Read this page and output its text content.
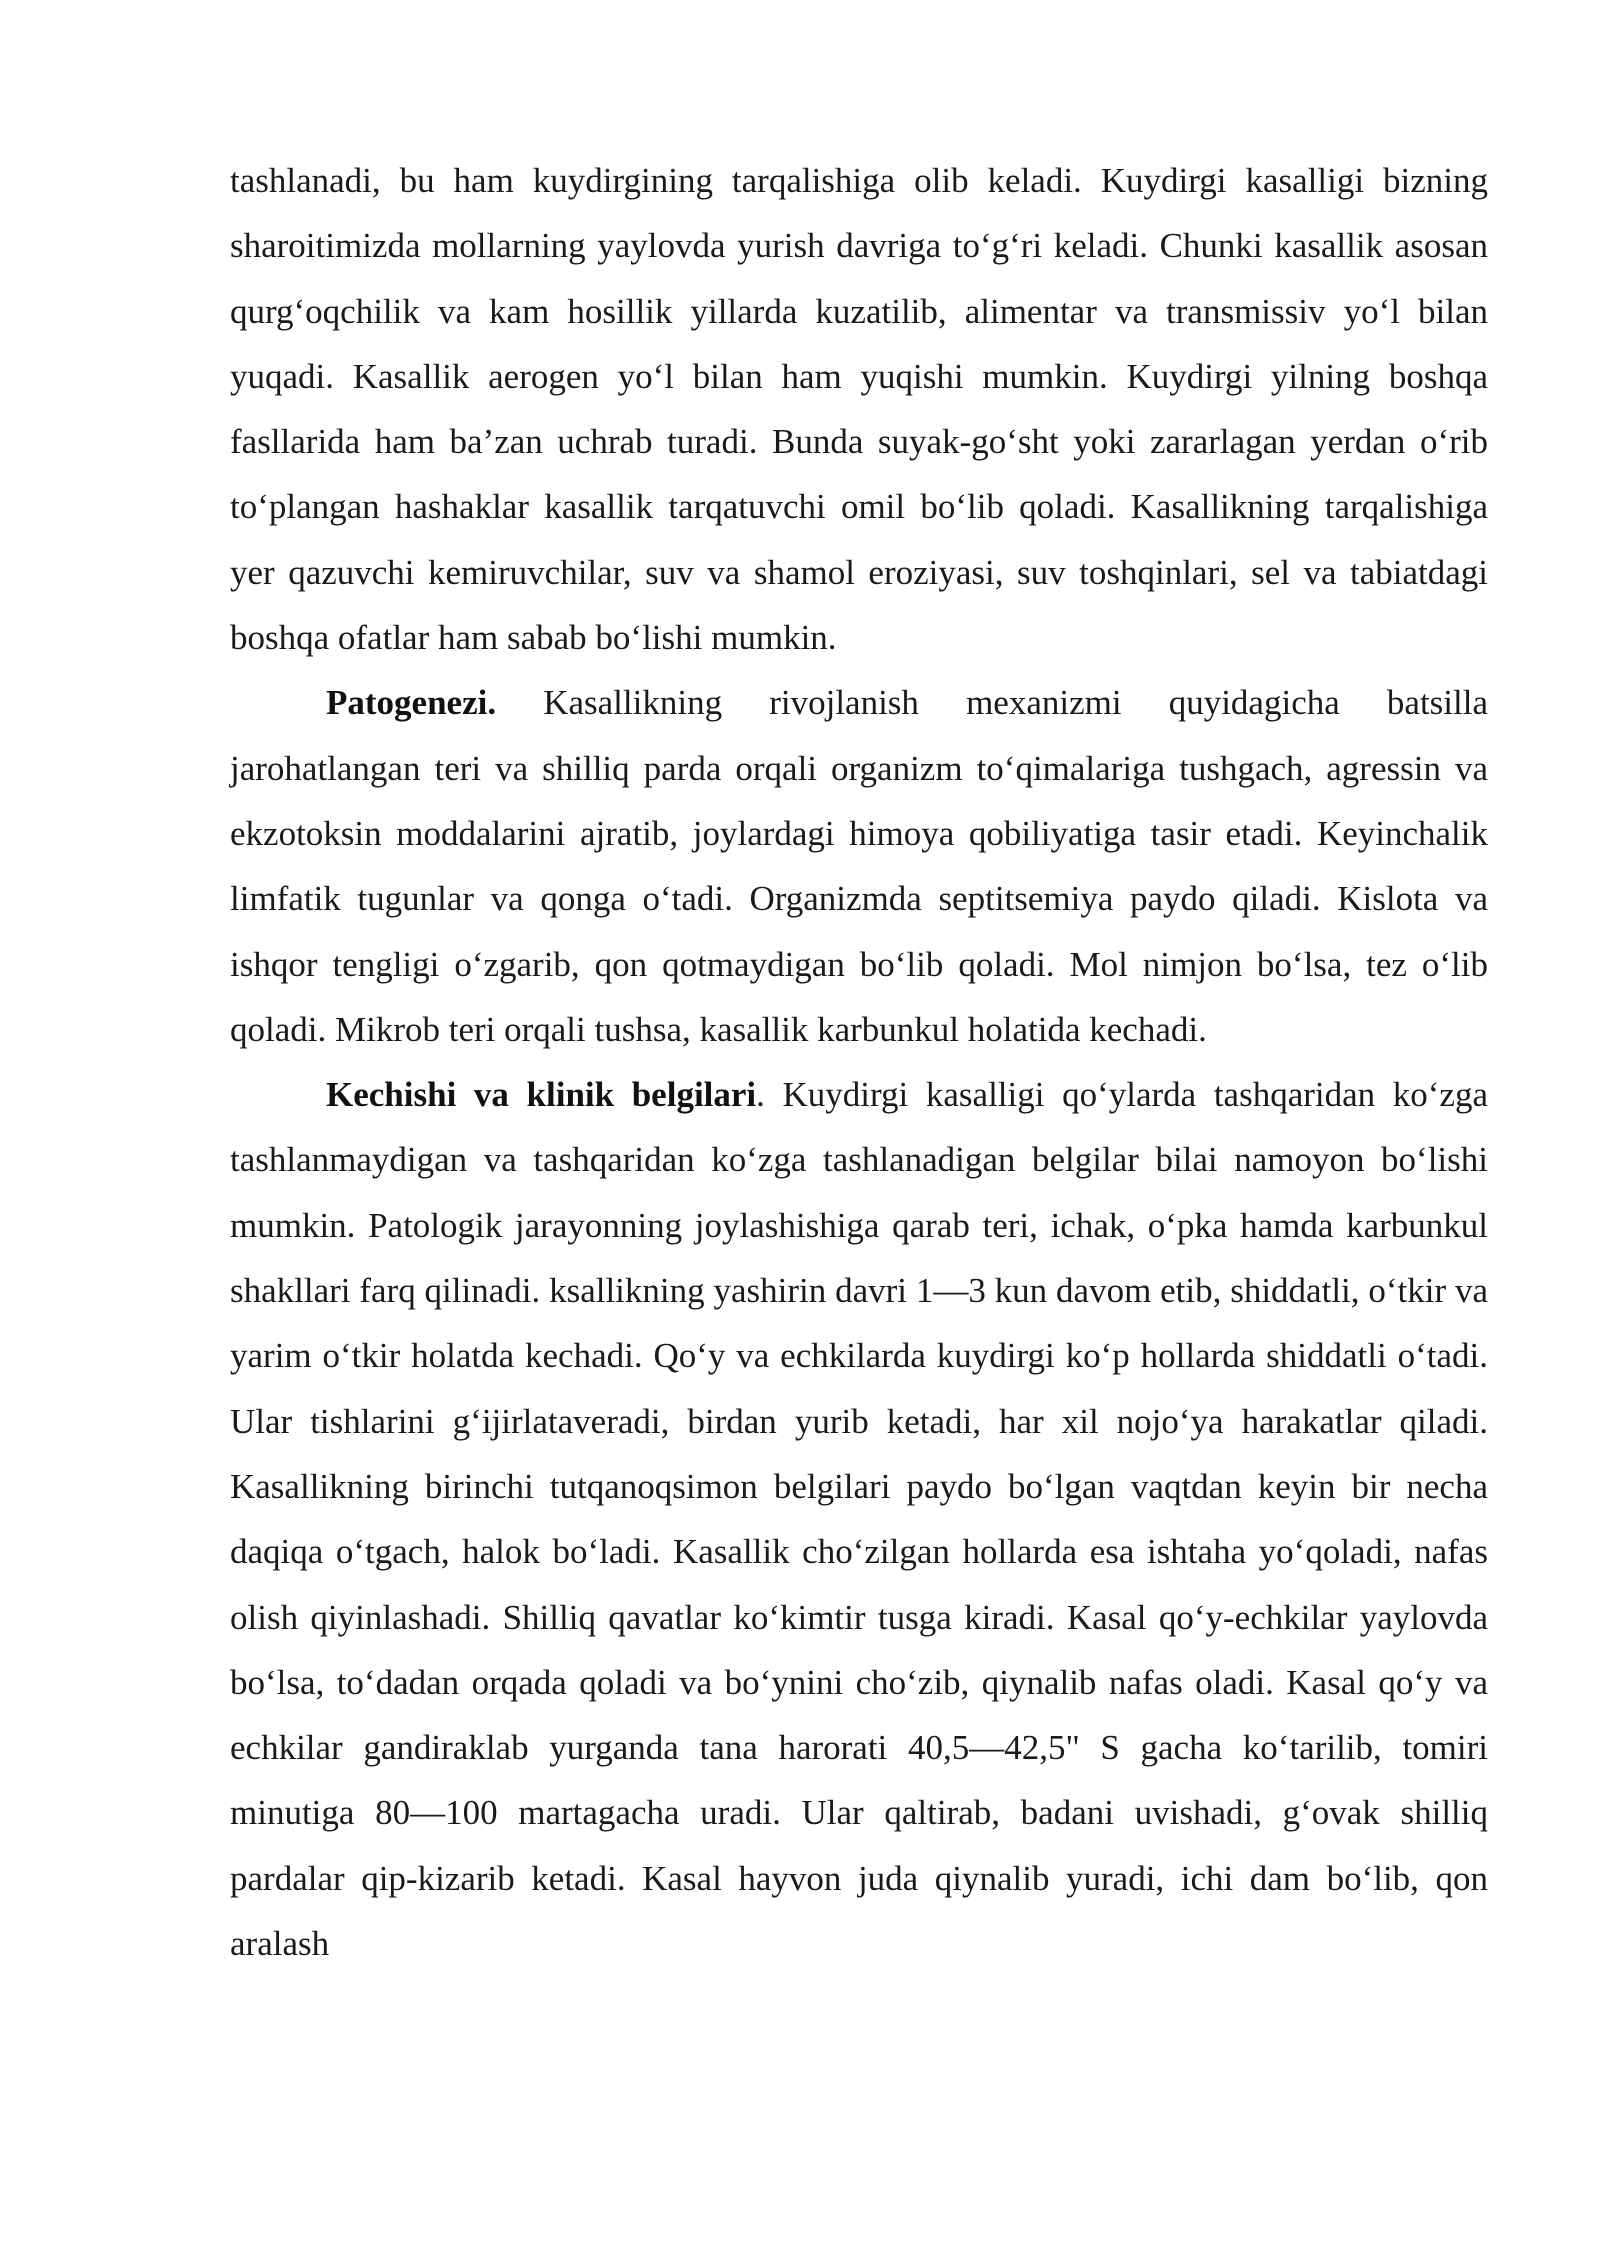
tashlanadi, bu ham kuydirgining tarqalishiga olib keladi. Kuydirgi kasalligi bizning sharoitimizda mollarning yaylovda yurish davriga to‘g‘ri keladi. Chunki kasallik asosan qurg‘oqchilik va kam hosillik yillarda kuzatilib, alimentar va transmissiv yo‘l bilan yuqadi. Kasallik aerogen yo‘l bilan ham yuqishi mumkin. Kuydirgi yilning boshqa fasllarida ham ba’zan uchrab turadi. Bunda suyak-go‘sht yoki zararlagan yerdan o‘rib to‘plangan hashaklar kasallik tarqatuvchi omil bo‘lib qoladi. Kasallikning tarqalishiga yer qazuvchi kemiruvchilar, suv va shamol eroziyasi, suv toshqinlari, sel va tabiatdagi boshqa ofatlar ham sabab bo‘lishi mumkin.

Patogenezi. Kasallikning rivojlanish mexanizmi quyidagicha batsilla jarohatlangan teri va shilliq parda orqali organizm to‘qimalariga tushgach, agressin va ekzotoksin moddalarini ajratib, joylardagi himoya qobiliyatiga tasir etadi. Keyinchalik limfatik tugunlar va qonga o‘tadi. Organizmda septitsemiya paydo qiladi. Kislota va ishqor tengligi o‘zgarib, qon qotmaydigan bo‘lib qoladi. Mol nimjon bo‘lsa, tez o‘lib qoladi. Mikrob teri orqali tushsa, kasallik karbunkul holatida kechadi.

Kechishi va klinik belgilari. Kuydirgi kasalligi qo‘ylarda tashqaridan ko‘zga tashlanmaydigan va tashqaridan ko‘zga tashlanadigan belgilar bilai namoyon bo‘lishi mumkin. Patologik jarayonning joylashishiga qarab teri, ichak, o‘pka hamda karbunkul shakllari farq qilinadi. ksallikning yashirin davri 1—3 kun davom etib, shiddatli, o‘tkir va yarim o‘tkir holatda kechadi. Qo‘y va echkilarda kuydirgi ko‘p hollarda shiddatli o‘tadi. Ular tishlarini g‘ijirlataveradi, birdan yurib ketadi, har xil nojo‘ya harakatlar qiladi. Kasallikning birinchi tutqanoqsimon belgilari paydo bo‘lgan vaqtdan keyin bir necha daqiqa o‘tgach, halok bo‘ladi. Kasallik cho‘zilgan hollarda esa ishtaha yo‘qoladi, nafas olish qiyinlashadi. Shilliq qavatlar ko‘kimtir tusga kiradi. Kasal qo‘y-echkilar yaylovda bo‘lsa, to‘dadan orqada qoladi va bo‘ynini cho‘zib, qiynalib nafas oladi. Kasal qo‘y va echkilar gandiraklab yurganda tana harorati 40,5—42,5" S gacha ko‘tarilib, tomiri minutiga 80—100 martagacha uradi. Ular qaltirab, badani uvishadi, g‘ovak shilliq pardalar qip-kizarib ketadi. Kasal hayvon juda qiynalib yuradi, ichi dam bo‘lib, qon aralash
